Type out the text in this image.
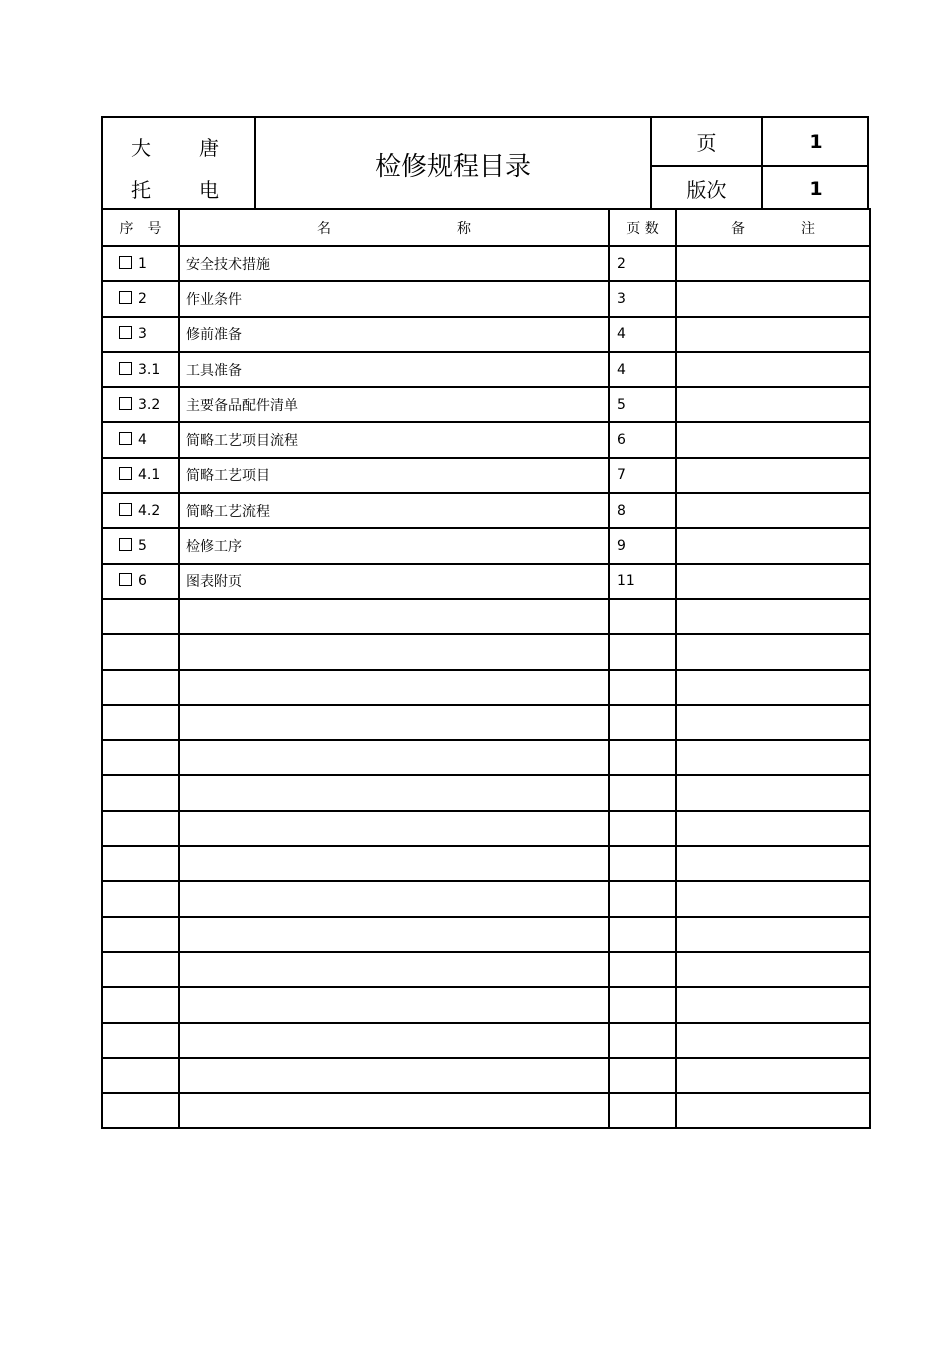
大 唐
托 电
检修规程目录
页	1
版次	1
序　号	名　　　　　　　　　称	页 数	备　　　　注
1	安全技术措施	2	
2	作业条件	3	
3	修前准备	4	
3.1	工具准备	4	
3.2	主要备品配件清单	5	
4	简略工艺项目流程	6	
4.1	简略工艺项目	7	
4.2	简略工艺流程	8	
5	检修工序	9	
6	图表附页	11	
